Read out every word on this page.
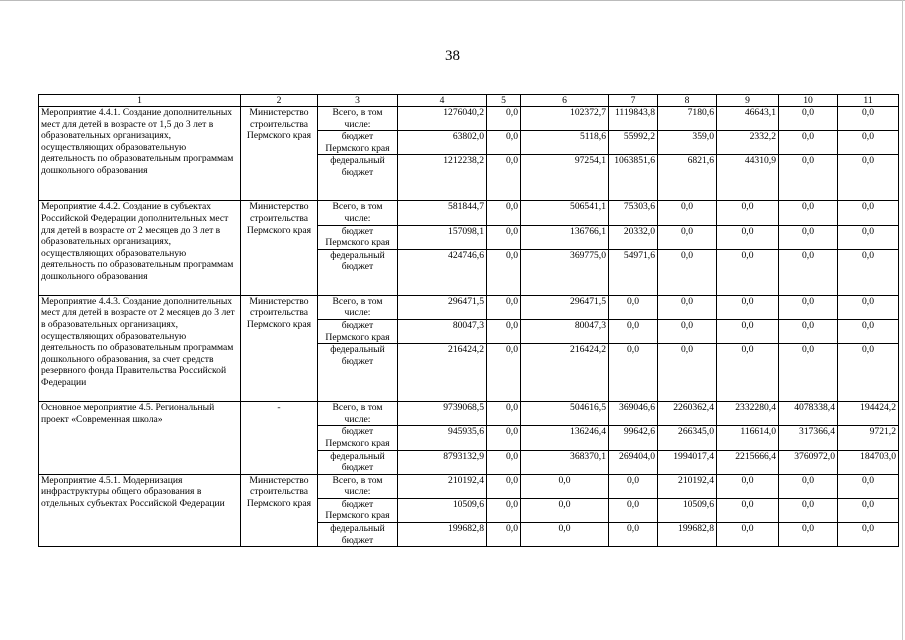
38
1	2	3	4	5	6	7	8	9	10	11
Мероприятие 4.4.1. Создание дополнительных мест для детей в возрасте от 1,5 до 3 лет в образовательных организациях, осуществляющих образовательную деятельность по образовательным программам дошкольного образования	Министерство строительства Пермского края	Всего, в том числе:	1276040,2	0,0	102372,7	1119843,8	7180,6	46643,1	0,0	0,0
		бюджет Пермского края	63802,0	0,0	5118,6	55992,2	359,0	2332,2	0,0	0,0
		федеральный бюджет	1212238,2	0,0	97254,1	1063851,6	6821,6	44310,9	0,0	0,0
Мероприятие 4.4.2. Создание в субъектах Российской Федерации дополнительных мест для детей в возрасте от 2 месяцев до 3 лет в образовательных организациях, осуществляющих образовательную деятельность по образовательным программам дошкольного образования	Министерство строительства Пермского края	Всего, в том числе:	581844,7	0,0	506541,1	75303,6	0,0	0,0	0,0	0,0
		бюджет Пермского края	157098,1	0,0	136766,1	20332,0	0,0	0,0	0,0	0,0
		федеральный бюджет	424746,6	0,0	369775,0	54971,6	0,0	0,0	0,0	0,0
Мероприятие 4.4.3. Создание дополнительных мест для детей в возрасте от 2 месяцев до 3 лет в образовательных организациях, осуществляющих образовательную деятельность по образовательным программам дошкольного образования, за счет средств резервного фонда Правительства Российской Федерации	Министерство строительства Пермского края	Всего, в том числе:	296471,5	0,0	296471,5	0,0	0,0	0,0	0,0	0,0
		бюджет Пермского края	80047,3	0,0	80047,3	0,0	0,0	0,0	0,0	0,0
		федеральный бюджет	216424,2	0,0	216424,2	0,0	0,0	0,0	0,0	0,0
Основное мероприятие 4.5. Региональный проект «Современная школа»	-	Всего, в том числе:	9739068,5	0,0	504616,5	369046,6	2260362,4	2332280,4	4078338,4	194424,2
		бюджет Пермского края	945935,6	0,0	136246,4	99642,6	266345,0	116614,0	317366,4	9721,2
		федеральный бюджет	8793132,9	0,0	368370,1	269404,0	1994017,4	2215666,4	3760972,0	184703,0
Мероприятие 4.5.1. Модернизация инфраструктуры общего образования в отдельных субъектах Российской Федерации	Министерство строительства Пермского края	Всего, в том числе:	210192,4	0,0	0,0	0,0	210192,4	0,0	0,0	0,0
		бюджет Пермского края	10509,6	0,0	0,0	0,0	10509,6	0,0	0,0	0,0
		федеральный бюджет	199682,8	0,0	0,0	0,0	199682,8	0,0	0,0	0,0
